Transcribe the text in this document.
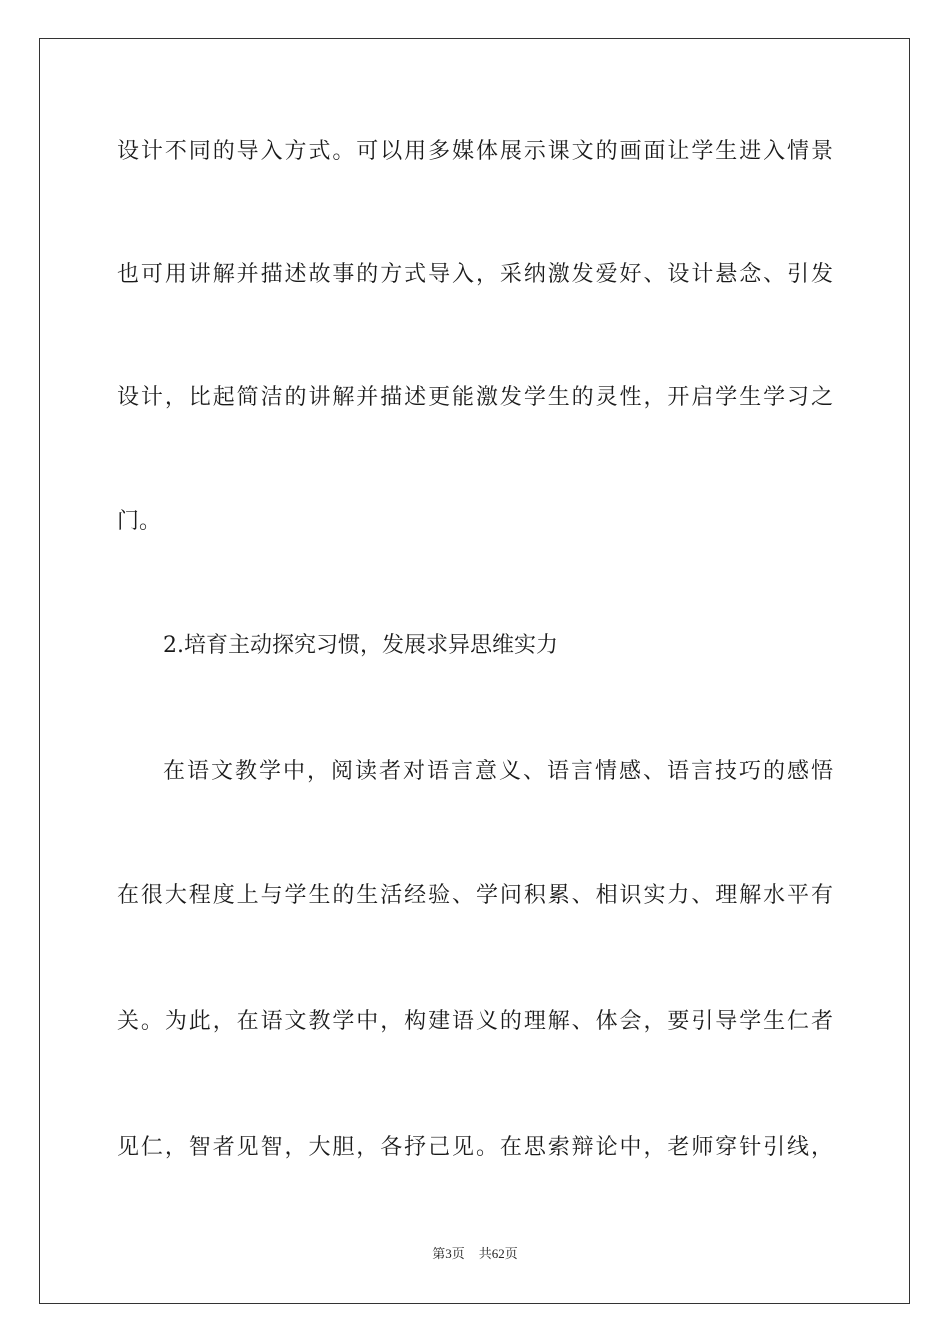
设计不同的导入方式。可以用多媒体展示课文的画面让学生进入情景
也可用讲解并描述故事的方式导入，采纳激发爱好、设计悬念、引发
设计，比起简洁的讲解并描述更能激发学生的灵性，开启学生学习之
门。
2.培育主动探究习惯，发展求异思维实力
在语文教学中，阅读者对语言意义、语言情感、语言技巧的感悟
在很大程度上与学生的生活经验、学问积累、相识实力、理解水平有
关。为此，在语文教学中，构建语义的理解、体会，要引导学生仁者
见仁，智者见智，大胆，各抒己见。在思索辩论中，老师穿针引线，
第3页 共62页
